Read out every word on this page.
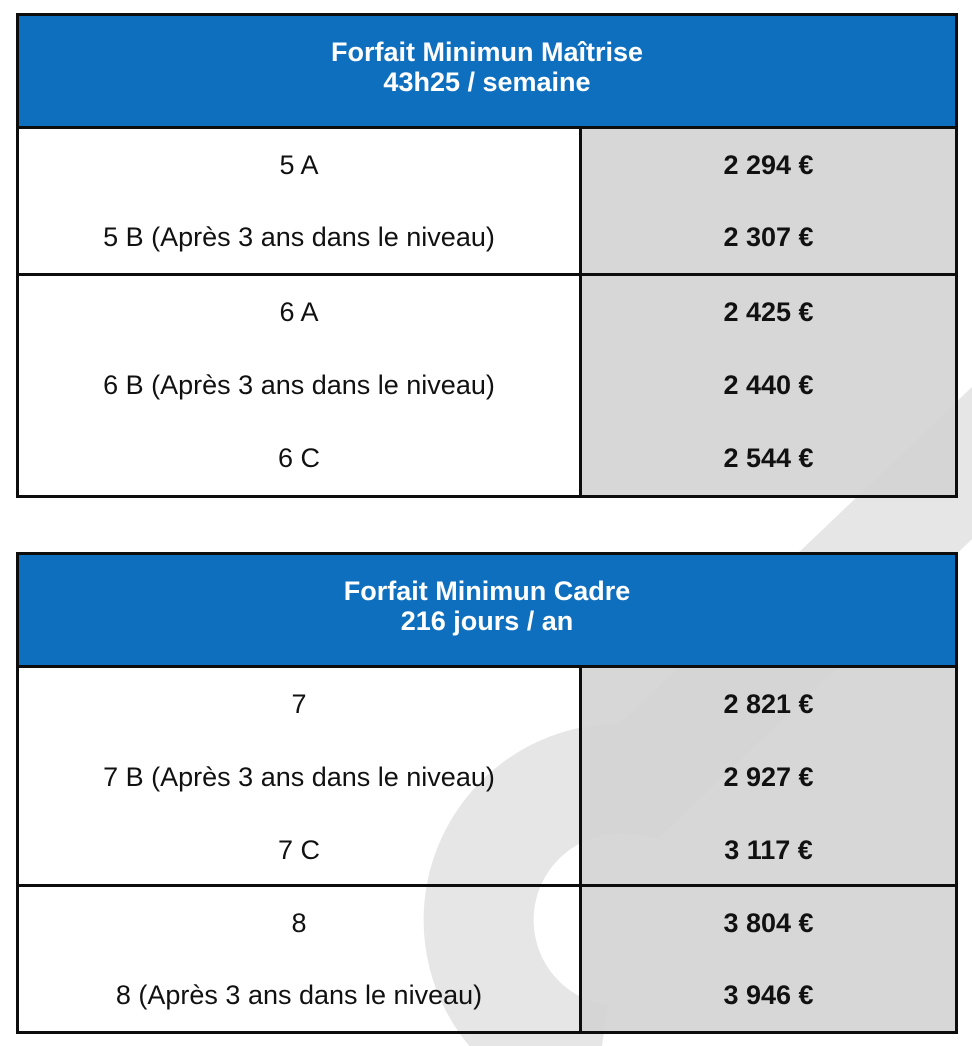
Forfait Minimun Maîtrise
43h25 / semaine
5 A
5 B (Après 3 ans dans le niveau)
2 294 €
2 307 €
6 A
6 B (Après 3 ans dans le niveau)
6 C
2 425 €
2 440 €
2 544 €
Forfait Minimun Cadre
216 jours / an
7
7 B (Après 3 ans dans le niveau)
7 C
2 821 €
2 927 €
3 117 €
8
8 (Après 3 ans dans le niveau)
3 804 €
3 946 €
